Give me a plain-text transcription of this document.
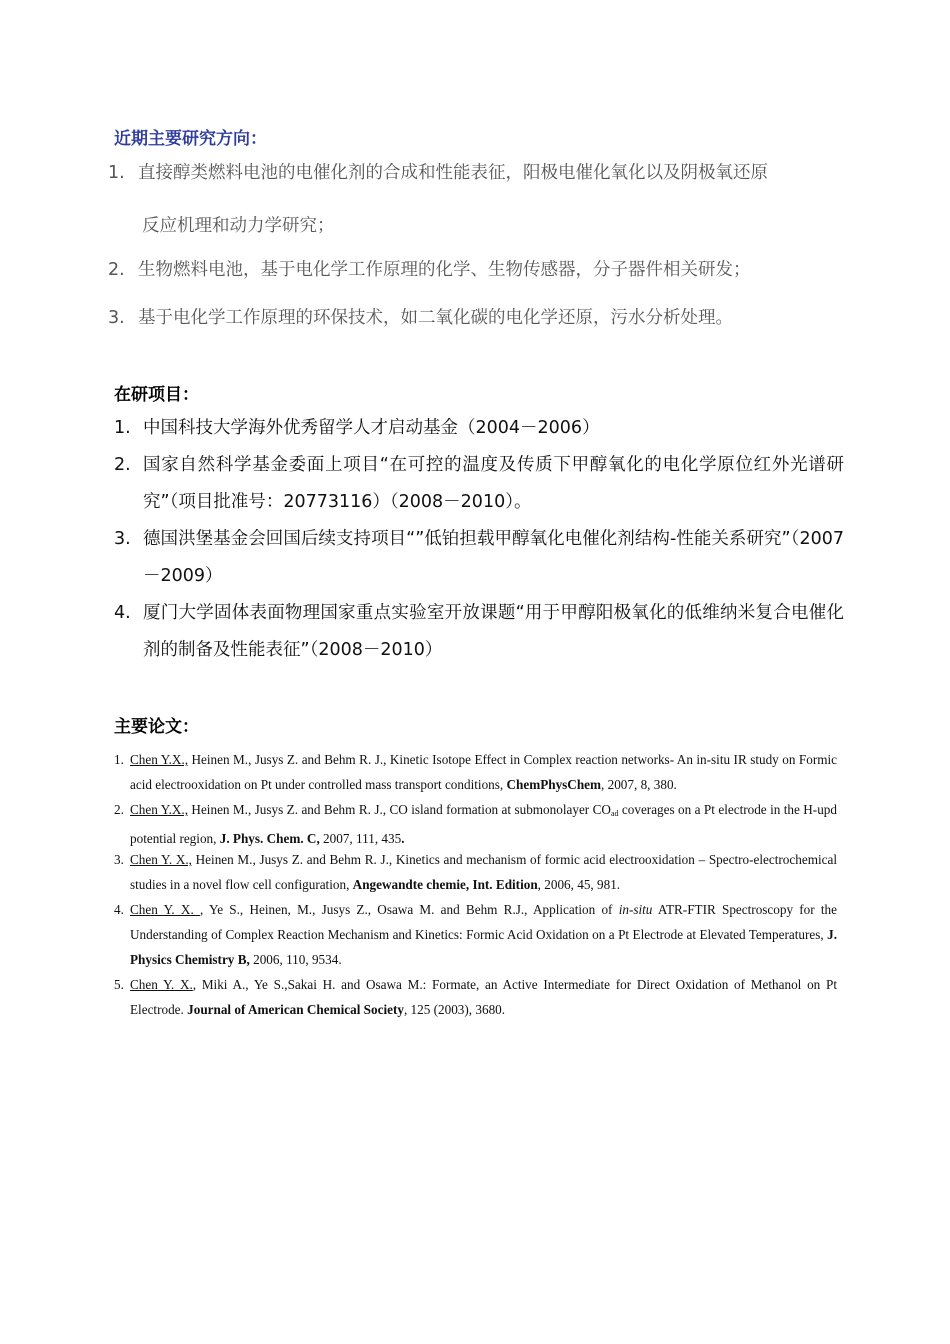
近期主要研究方向：
1. 直接醇类燃料电池的电催化剂的合成和性能表征，阳极电催化氧化以及阴极氧还原
反应机理和动力学研究；
2. 生物燃料电池，基于电化学工作原理的化学、生物传感器，分子器件相关研发；
3. 基于电化学工作原理的环保技术，如二氧化碳的电化学还原，污水分析处理。
在研项目：
1. 中国科技大学海外优秀留学人才启动基金（2004－2006）
2. 国家自然科学基金委面上项目“在可控的温度及传质下甲醇氧化的电化学原位红外光谱研究”（项目批准号：20773116）（2008－2010）。
3. 德国洪堡基金会回国后续支持项目“”低铂担载甲醇氧化电催化剂结构-性能关系研究”（2007－2009）
4. 厦门大学固体表面物理国家重点实验室开放课题“用于甲醇阳极氧化的低维纳米复合电催化剂的制备及性能表征”（2008－2010）
主要论文：
1. Chen Y.X., Heinen M., Jusys Z. and Behm R. J., Kinetic Isotope Effect in Complex reaction networks- An in-situ IR study on Formic acid electrooxidation on Pt under controlled mass transport conditions, ChemPhysChem, 2007, 8, 380.
2. Chen Y.X., Heinen M., Jusys Z. and Behm R. J., CO island formation at submonolayer $CO_{ad}$ coverages on a Pt electrode in the H-upd potential region, J. Phys. Chem. C, 2007, 111, 435.
3. Chen Y. X., Heinen M., Jusys Z. and Behm R. J., Kinetics and mechanism of formic acid electrooxidation – Spectro-electrochemical studies in a novel flow cell configuration, Angewandte chemie, Int. Edition, 2006, 45, 981.
4. Chen Y. X. , Ye S., Heinen, M., Jusys Z., Osawa M. and Behm R.J., Application of in-situ ATR-FTIR Spectroscopy for the Understanding of Complex Reaction Mechanism and Kinetics: Formic Acid Oxidation on a Pt Electrode at Elevated Temperatures, J. Physics Chemistry B, 2006, 110, 9534.
5. Chen Y. X., Miki A., Ye S.,Sakai H. and Osawa M.: Formate, an Active Intermediate for Direct Oxidation of Methanol on Pt Electrode. Journal of American Chemical Society, 125 (2003), 3680.
